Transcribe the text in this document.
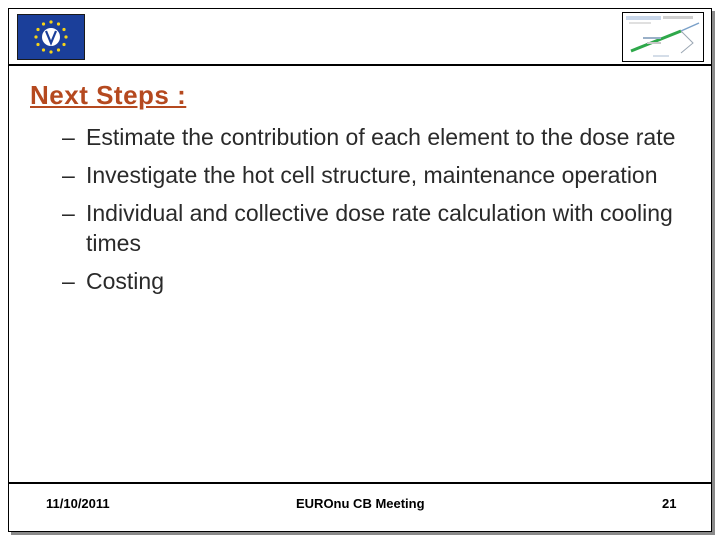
Next Steps :
– Estimate the contribution of each element to the dose rate
– Investigate the hot cell structure, maintenance operation
– Individual and collective dose rate calculation with cooling times
– Costing
11/10/2011	EUROnu CB Meeting	21
